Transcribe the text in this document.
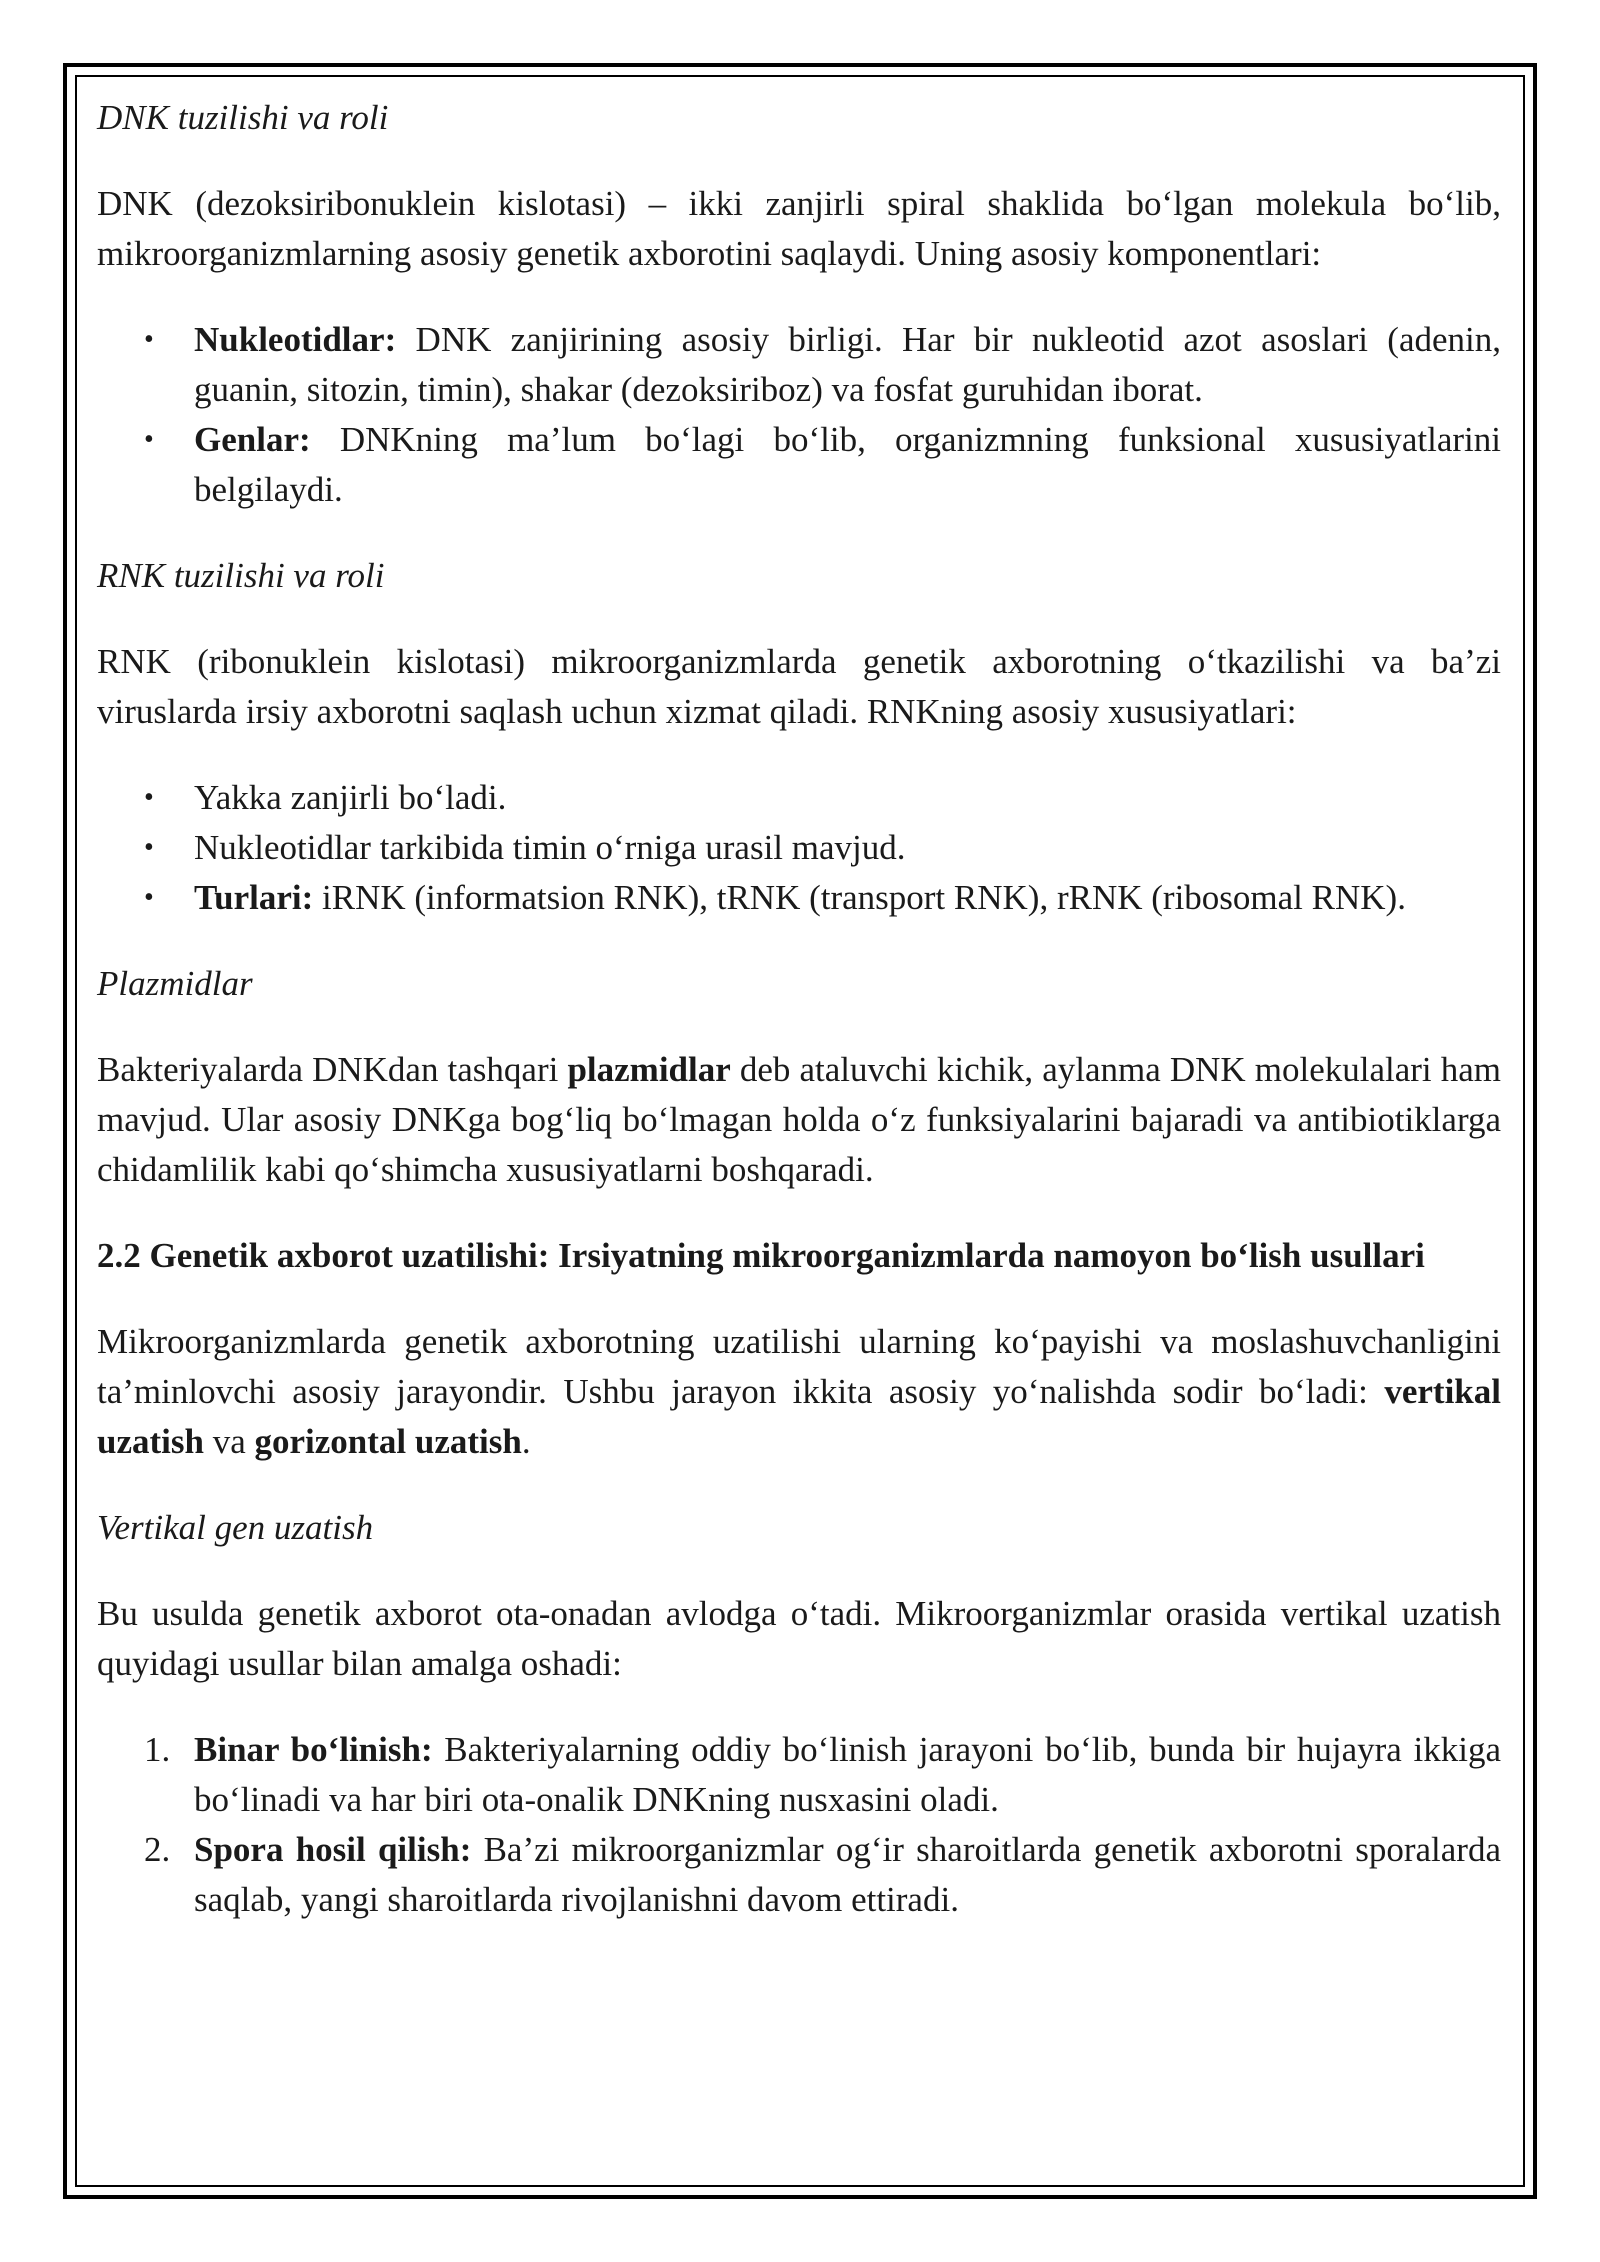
DNK tuzilishi va roli

DNK (dezoksiribonuklein kislotasi) – ikki zanjirli spiral shaklida bo‘lgan molekula bo‘lib, mikroorganizmlarning asosiy genetik axborotini saqlaydi. Uning asosiy komponentlari:

• Nukleotidlar: DNK zanjirining asosiy birligi. Har bir nukleotid azot asoslari (adenin, guanin, sitozin, timin), shakar (dezoksiriboz) va fosfat guruhidan iborat.
• Genlar: DNKning ma’lum bo‘lagi bo‘lib, organizmning funksional xususiyatlarini belgilaydi.

RNK tuzilishi va roli

RNK (ribonuklein kislotasi) mikroorganizmlarda genetik axborotning o‘tkazilishi va ba’zi viruslarda irsiy axborotni saqlash uchun xizmat qiladi. RNKning asosiy xususiyatlari:

• Yakka zanjirli bo‘ladi.
• Nukleotidlar tarkibida timin o‘rniga urasil mavjud.
• Turlari: iRNK (informatsion RNK), tRNK (transport RNK), rRNK (ribosomal RNK).

Plazmidlar

Bakteriyalarda DNKdan tashqari plazmidlar deb ataluvchi kichik, aylanma DNK molekulalari ham mavjud. Ular asosiy DNKga bog‘liq bo‘lmagan holda o‘z funksiyalarini bajaradi va antibiotiklarga chidamlilik kabi qo‘shimcha xususiyatlarni boshqaradi.

2.2 Genetik axborot uzatilishi: Irsiyatning mikroorganizmlarda namoyon bo‘lish usullari

Mikroorganizmlarda genetik axborotning uzatilishi ularning ko‘payishi va moslashuvchanligini ta’minlovchi asosiy jarayondir. Ushbu jarayon ikkita asosiy yo‘nalishda sodir bo‘ladi: vertikal uzatish va gorizontal uzatish.

Vertikal gen uzatish

Bu usulda genetik axborot ota-onadan avlodga o‘tadi. Mikroorganizmlar orasida vertikal uzatish quyidagi usullar bilan amalga oshadi:

1. Binar bo‘linish: Bakteriyalarning oddiy bo‘linish jarayoni bo‘lib, bunda bir hujayra ikkiga bo‘linadi va har biri ota-onalik DNKning nusxasini oladi.
2. Spora hosil qilish: Ba’zi mikroorganizmlar og‘ir sharoitlarda genetik axborotni sporalarda saqlab, yangi sharoitlarda rivojlanishni davom ettiradi.
